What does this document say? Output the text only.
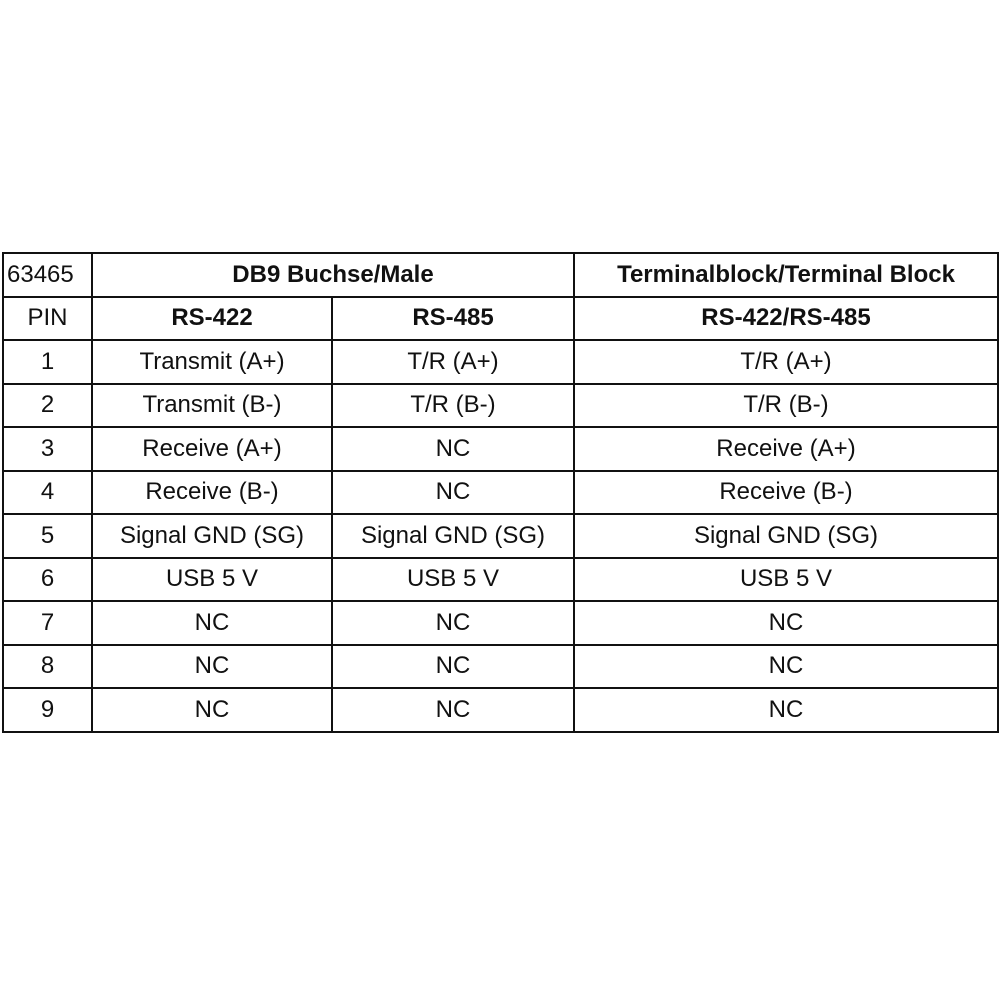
63465	DB9 Buchse/Male		Terminalblock/Terminal Block
PIN	RS-422	RS-485	RS-422/RS-485
1	Transmit (A+)	T/R (A+)	T/R (A+)
2	Transmit (B-)	T/R (B-)	T/R (B-)
3	Receive (A+)	NC	Receive (A+)
4	Receive (B-)	NC	Receive (B-)
5	Signal GND (SG)	Signal GND (SG)	Signal GND (SG)
6	USB 5 V	USB 5 V	USB 5 V
7	NC	NC	NC
8	NC	NC	NC
9	NC	NC	NC
